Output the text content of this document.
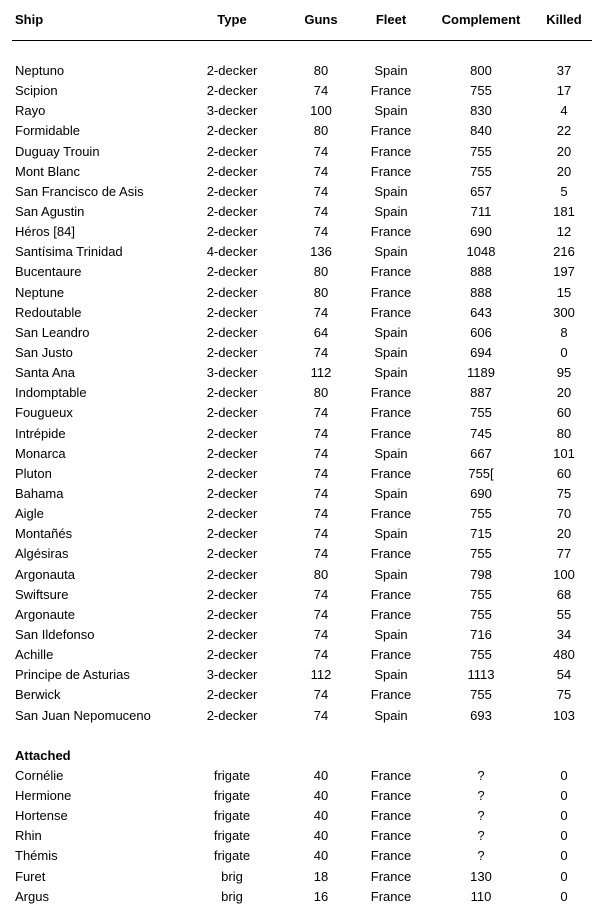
Ship	Type	Guns	Fleet	Complement	Killed

Neptuno	2-decker	80	Spain	800	37
Scipion	2-decker	74	France	755	17
Rayo	3-decker	100	Spain	830	4
Formidable	2-decker	80	France	840	22
Duguay Trouin	2-decker	74	France	755	20
Mont Blanc	2-decker	74	France	755	20
San Francisco de Asis	2-decker	74	Spain	657	5
San Agustin	2-decker	74	Spain	711	181
Héros [84]	2-decker	74	France	690	12
Santísima Trinidad	4-decker	136	Spain	1048	216
Bucentaure	2-decker	80	France	888	197
Neptune	2-decker	80	France	888	15
Redoutable	2-decker	74	France	643	300
San Leandro	2-decker	64	Spain	606	8
San Justo	2-decker	74	Spain	694	0
Santa Ana	3-decker	112	Spain	1189	95
Indomptable	2-decker	80	France	887	20
Fougueux	2-decker	74	France	755	60
Intrépide	2-decker	74	France	745	80
Monarca	2-decker	74	Spain	667	101
Pluton	2-decker	74	France	755[	60
Bahama	2-decker	74	Spain	690	75
Aigle	2-decker	74	France	755	70
Montañés	2-decker	74	Spain	715	20
Algésiras	2-decker	74	France	755	77
Argonauta	2-decker	80	Spain	798	100
Swiftsure	2-decker	74	France	755	68
Argonaute	2-decker	74	France	755	55
San Ildefonso	2-decker	74	Spain	716	34
Achille	2-decker	74	France	755	480
Principe de Asturias	3-decker	112	Spain	1113	54
Berwick	2-decker	74	France	755	75
San Juan Nepomuceno	2-decker	74	Spain	693	103

Attached					
Cornélie	frigate	40	France	?	0
Hermione	frigate	40	France	?	0
Hortense	frigate	40	France	?	0
Rhin	frigate	40	France	?	0
Thémis	frigate	40	France	?	0
Furet	brig	18	France	130	0
Argus	brig	16	France	110	0
